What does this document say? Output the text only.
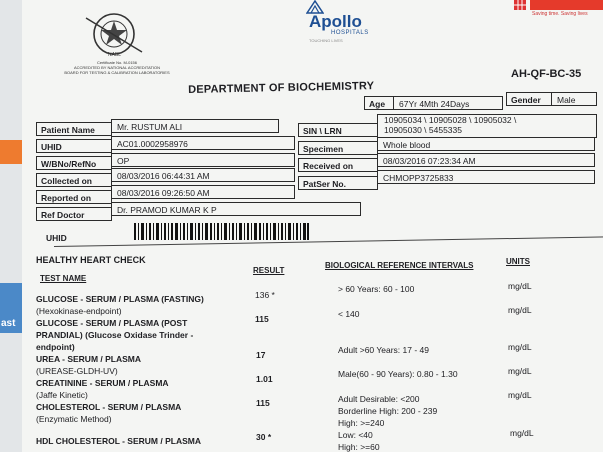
ast
NABL
Certificate No. M-0156
ACCREDITED BY NATIONAL ACCREDITATION
BOARD FOR TESTING & CALIBRATION LABORATORIES
Apollo
HOSPITALS
TOUCHING LIVES
Saving time. Saving lives
AH-QF-BC-35
DEPARTMENT OF BIOCHEMISTRY
Age	67Yr 4Mth 24Days	Gender	Male
Patient Name	Mr. RUSTUM ALI
UHID	AC01.0002958976
W/BNo/RefNo	OP
Collected on	08/03/2016 06:44:31 AM
Reported on	08/03/2016 09:26:50 AM
Ref Doctor	Dr. PRAMOD KUMAR K P
SIN \ LRN
10905034 \ 10905028 \ 10905032 \
10905030 \ 5455335
Specimen	Whole blood
Received on	08/03/2016 07:23:34 AM
PatSer No.
CHMOPP3725833
UHID
HEALTHY HEART CHECK
TEST NAME
RESULT
BIOLOGICAL REFERENCE INTERVALS	UNITS
GLUCOSE - SERUM / PLASMA (FASTING)
(Hexokinase-endpoint)
136 *
> 60 Years: 60 - 100	mg/dL
GLUCOSE - SERUM / PLASMA (POST
PRANDIAL) (Glucose Oxidase Trinder -
endpoint)
115	< 140	mg/dL
UREA - SERUM / PLASMA
(UREASE-GLDH-UV)
17	Adult >60 Years: 17 - 49	mg/dL
CREATININE - SERUM / PLASMA
(Jaffe Kinetic)
1.01	Male(60 - 90 Years): 0.80 - 1.30	mg/dL
CHOLESTEROL - SERUM / PLASMA
(Enzymatic Method)
115	Adult Desirable: <200
Borderline High: 200 - 239
High: >=240
mg/dL
HDL CHOLESTEROL - SERUM / PLASMA	30 *	Low: <40
High: >=60
mg/dL
